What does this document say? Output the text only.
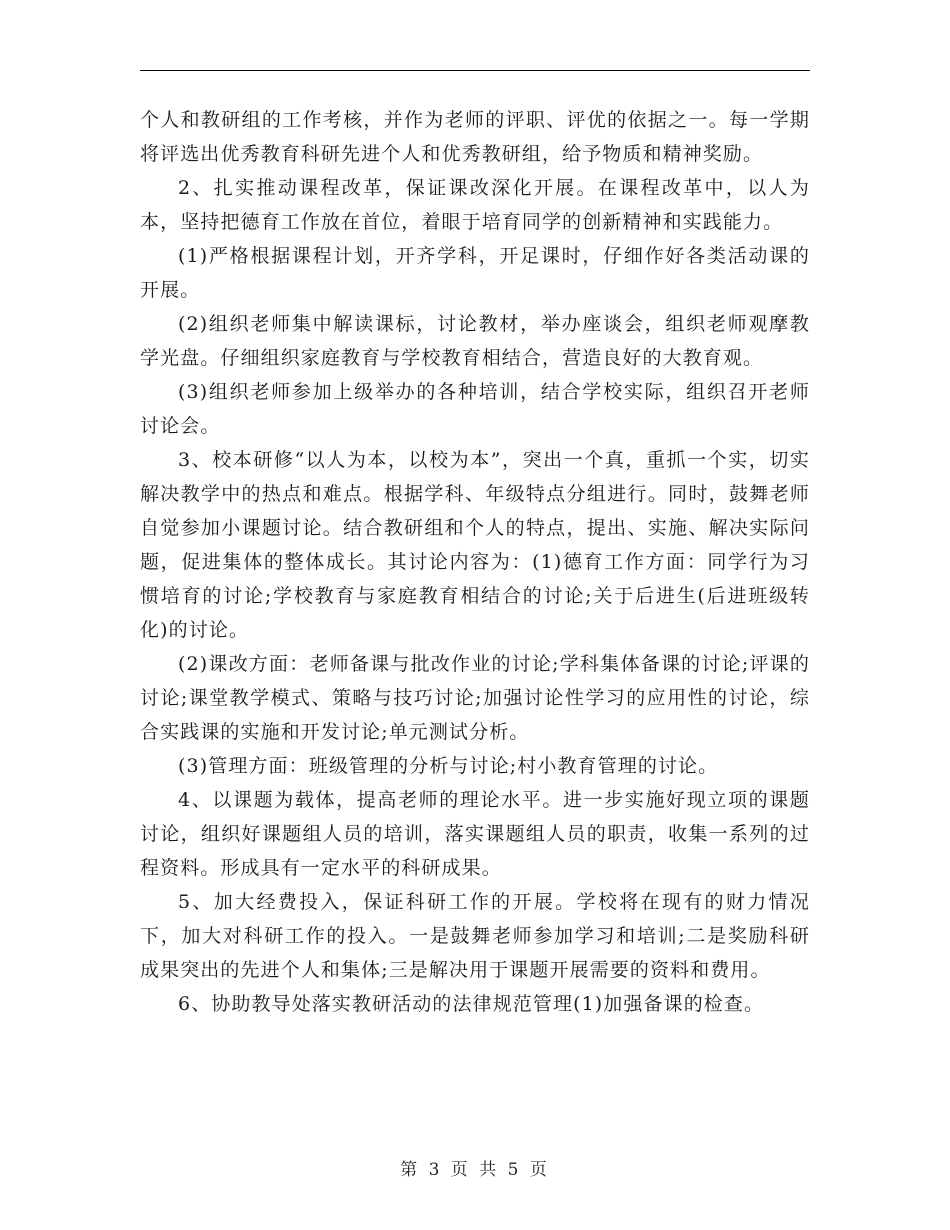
个人和教研组的工作考核，并作为老师的评职、评优的依据之一。每一学期将评选出优秀教育科研先进个人和优秀教研组，给予物质和精神奖励。

2、扎实推动课程改革，保证课改深化开展。在课程改革中，以人为本，坚持把德育工作放在首位，着眼于培育同学的创新精神和实践能力。

(1)严格根据课程计划，开齐学科，开足课时，仔细作好各类活动课的开展。

(2)组织老师集中解读课标，讨论教材，举办座谈会，组织老师观摩教学光盘。仔细组织家庭教育与学校教育相结合，营造良好的大教育观。

(3)组织老师参加上级举办的各种培训，结合学校实际，组织召开老师讨论会。

3、校本研修“以人为本，以校为本”，突出一个真，重抓一个实，切实解决教学中的热点和难点。根据学科、年级特点分组进行。同时，鼓舞老师自觉参加小课题讨论。结合教研组和个人的特点，提出、实施、解决实际问题，促进集体的整体成长。其讨论内容为：(1)德育工作方面：同学行为习惯培育的讨论;学校教育与家庭教育相结合的讨论;关于后进生(后进班级转化)的讨论。

(2)课改方面：老师备课与批改作业的讨论;学科集体备课的讨论;评课的讨论;课堂教学模式、策略与技巧讨论;加强讨论性学习的应用性的讨论，综合实践课的实施和开发讨论;单元测试分析。

(3)管理方面：班级管理的分析与讨论;村小教育管理的讨论。

4、以课题为载体，提高老师的理论水平。进一步实施好现立项的课题讨论，组织好课题组人员的培训，落实课题组人员的职责，收集一系列的过程资料。形成具有一定水平的科研成果。

5、加大经费投入，保证科研工作的开展。学校将在现有的财力情况下，加大对科研工作的投入。一是鼓舞老师参加学习和培训;二是奖励科研成果突出的先进个人和集体;三是解决用于课题开展需要的资料和费用。

6、协助教导处落实教研活动的法律规范管理(1)加强备课的检查。

第 3 页 共 5 页
